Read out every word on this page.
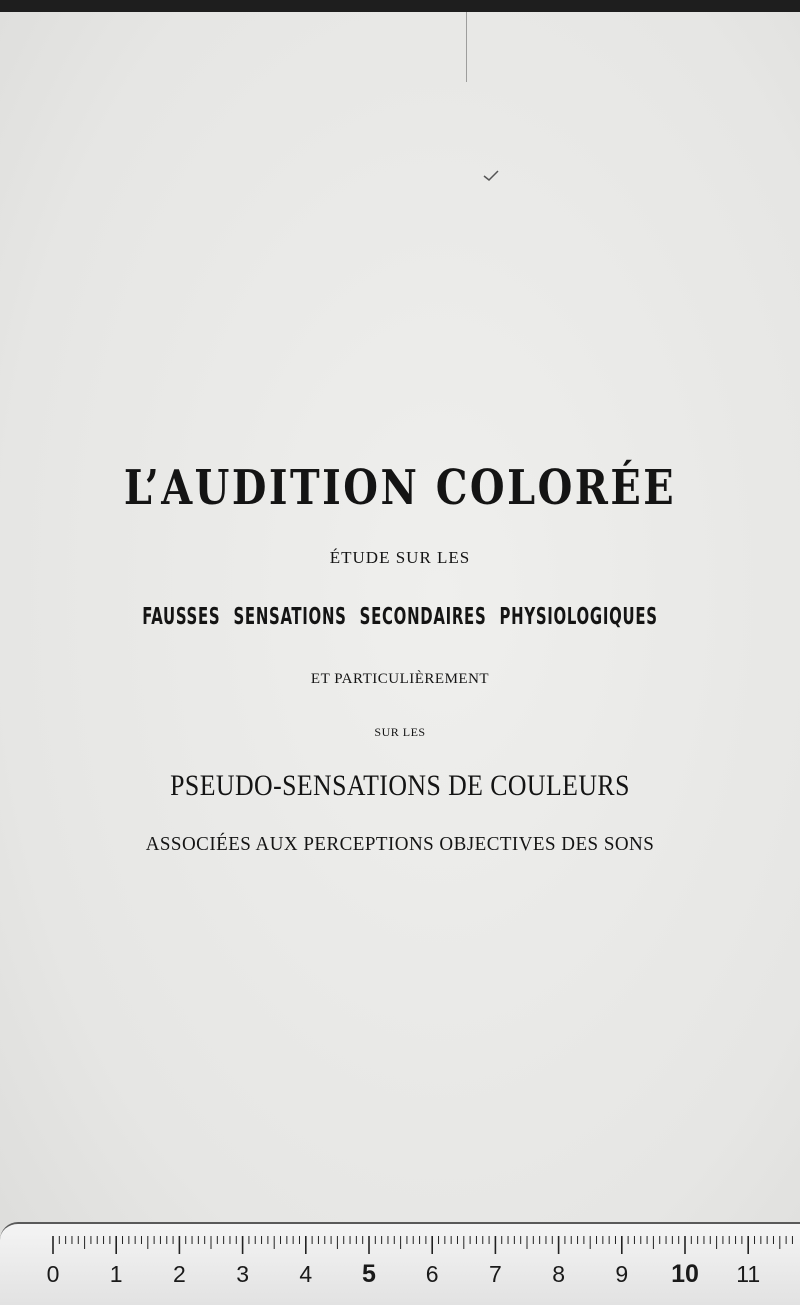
L’AUDITION COLORÉE
ÉTUDE SUR LES
FAUSSES SENSATIONS SECONDAIRES PHYSIOLOGIQUES
ET PARTICULIÈREMENT
SUR LES
PSEUDO-SENSATIONS DE COULEURS
ASSOCIÉES AUX PERCEPTIONS OBJECTIVES DES SONS
0 1 2 3 4 5 6 7 8 9 10 11
